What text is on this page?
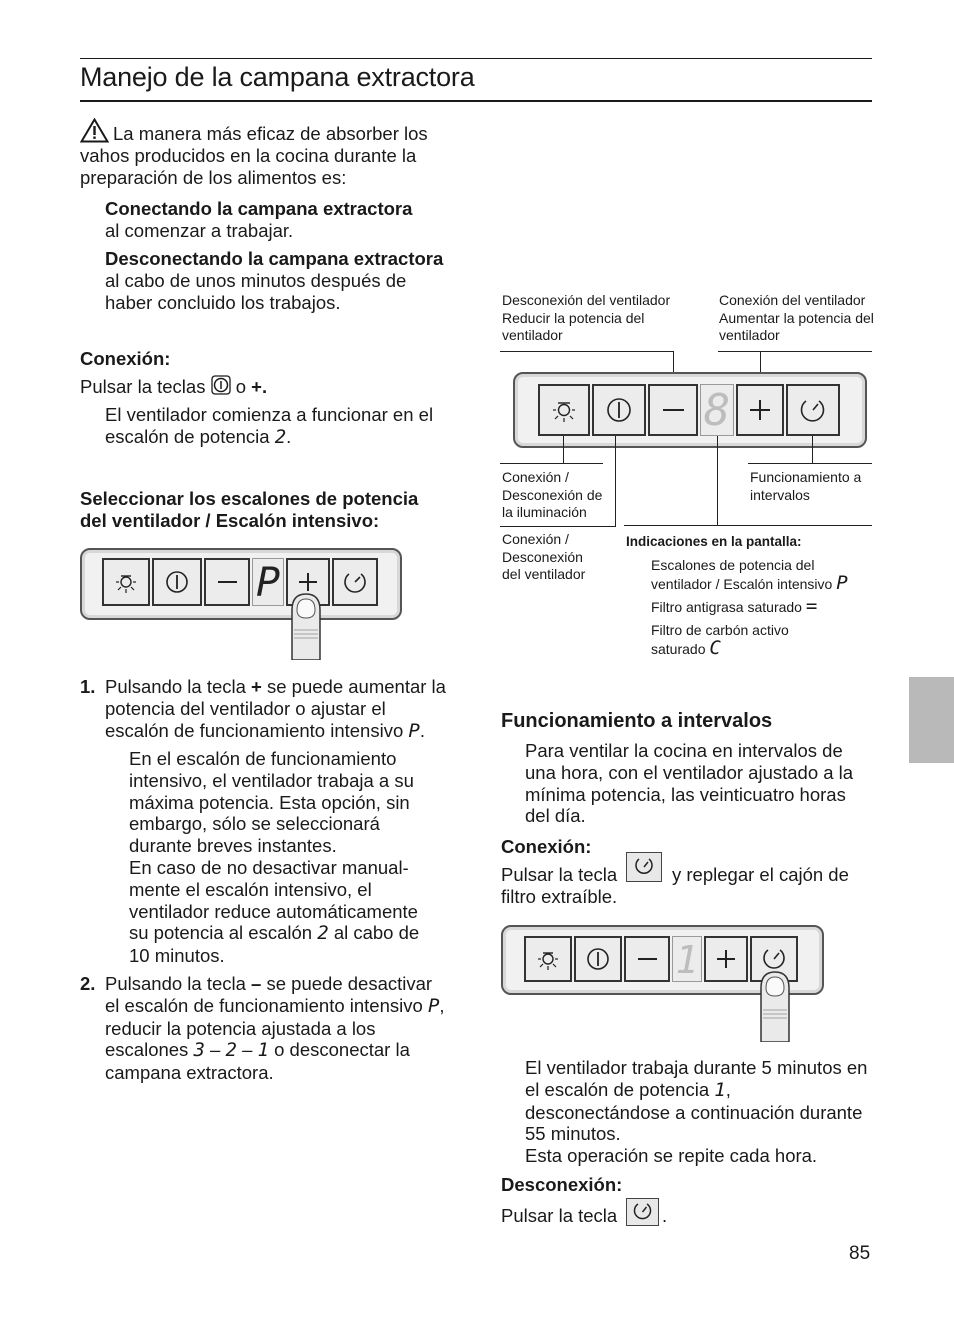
Manejo de la campana extractora
La manera más eficaz de absorber los vahos producidos en la cocina durante la preparación de los alimentos es:
Conectando la campana extractora
al comenzar a trabajar.
Desconectando la campana extractora
al cabo de unos minutos después de haber concluido los trabajos.
Conexión:
Pulsar la teclas o +.
El ventilador comienza a funcionar en el escalón de potencia 2.
Seleccionar los escalones de potencia del ventilador / Escalón intensivo:
P
1. Pulsando la tecla + se puede aumentar la potencia del ventilador o ajustar el escalón de funcionamiento intensivo P.
En el escalón de funcionamiento intensivo, el ventilador trabaja a su máxima potencia. Esta opción, sin embargo, sólo se seleccionará durante breves instantes.
En caso de no desactivar manual-mente el escalón intensivo, el ventilador reduce automáticamente su potencia al escalón 2 al cabo de 10 minutos.
2. Pulsando la tecla – se puede desactivar el escalón de funcionamiento intensivo P, reducir la potencia ajustada a los escalones 3 – 2 – 1 o desconectar la campana extractora.
Desconexión del ventilador Reducir la potencia del ventilador
Conexión del ventilador Aumentar la potencia del ventilador
8
Conexión / Desconexión de la iluminación
Funcionamiento a intervalos
Conexión / Desconexión del ventilador
Indicaciones en la pantalla:
Escalones de potencia del ventilador / Escalón intensivo P
Filtro antigrasa saturado =
Filtro de carbón activo saturado C
Funcionamiento a intervalos
Para ventilar la cocina en intervalos de una hora, con el ventilador ajustado a la mínima potencia, las veinticuatro horas del día.
Conexión:
Pulsar la tecla	y replegar el cajón de filtro extraíble.
1
El ventilador trabaja durante 5 minutos en el escalón de potencia 1, desconectándose a continuación durante 55 minutos.
Esta operación se repite cada hora.
Desconexión:
Pulsar la tecla .
85
